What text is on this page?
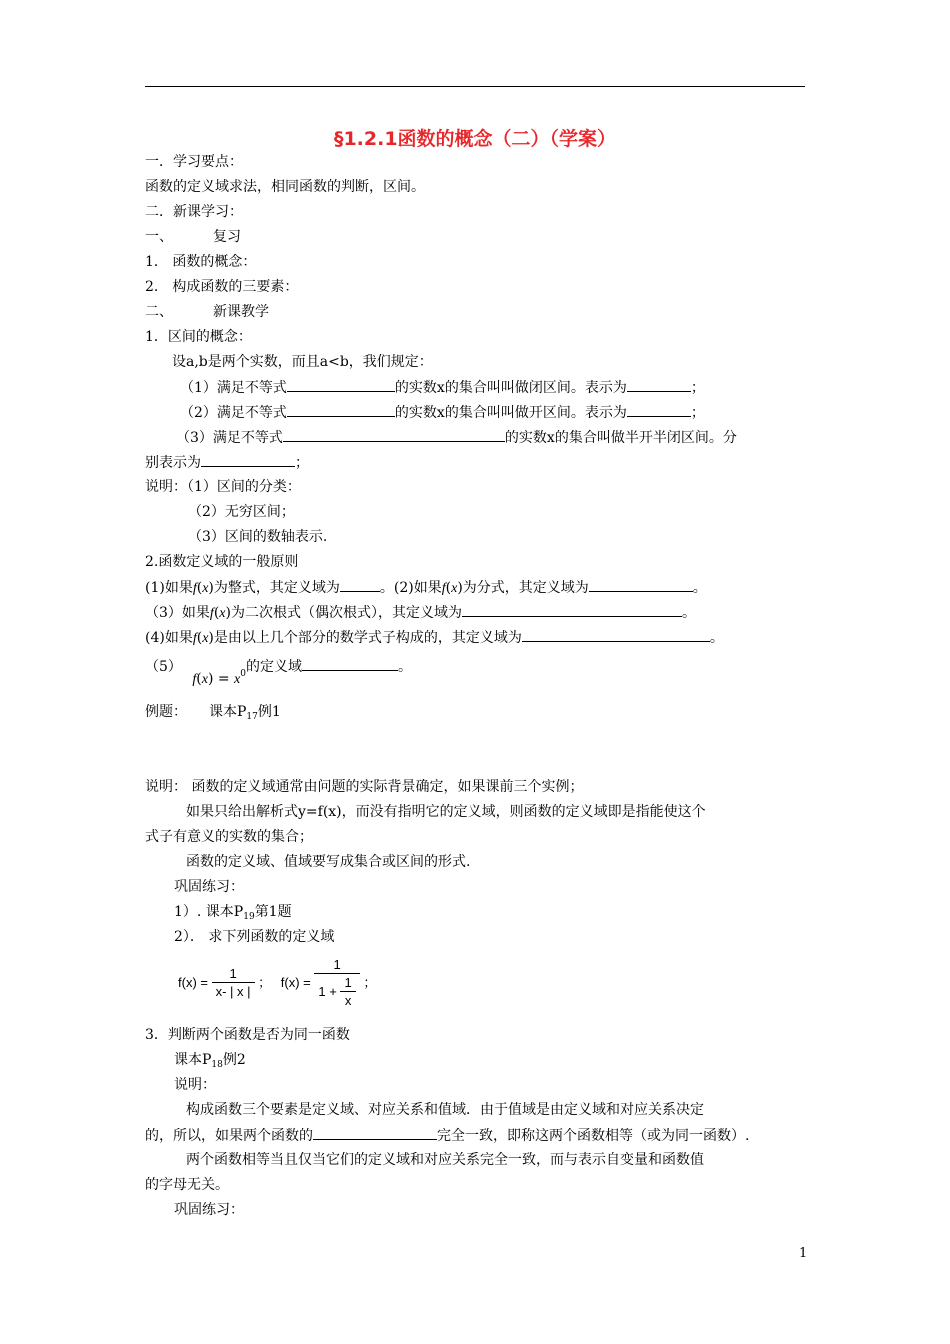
§1.2.1函数的概念（二）（学案）
一．学习要点：
函数的定义域求法，相同函数的判断，区间。
二．新课学习：
一、	复习
1． 函数的概念：
2． 构成函数的三要素：
二、	新课教学
1．区间的概念：
设a,b是两个实数，而且a<b，我们规定：
（1）满足不等式	的实数x的集合叫叫做闭区间。表示为	；
（2）满足不等式	的实数x的集合叫叫做开区间。表示为	；
（3）满足不等式	的实数x的集合叫做半开半闭区间。分
别表示为	；
说明：（1）区间的分类：
（2）无穷区间；
（3）区间的数轴表示.
2.函数定义域的一般原则
(1)如果f(x)为整式，其定义域为	。(2)如果f(x)为分式，其定义域为	。
（3）如果f(x)为二次根式（偶次根式），其定义域为	。
(4)如果f(x)是由以上几个部分的数学式子构成的，其定义域为	。
（5） $f(x) = x^0$的定义域	。
例题： 课本$P_{17}$例1
说明： 函数的定义域通常由问题的实际背景确定，如果课前三个实例；
如果只给出解析式y=f(x)，而没有指明它的定义域，则函数的定义域即是指能使这个
式子有意义的实数的集合；
函数的定义域、值域要写成集合或区间的形式.
巩固练习：
1）. 课本$P_{19}$第1题
2）． 求下列函数的定义域
$f(x) = \frac{1}{x- | x |}$ ； $f(x) = \frac{1}{1 + \frac{1}{x}}$ ；
3．判断两个函数是否为同一函数
课本$P_{18}$例2
说明：
构成函数三个要素是定义域、对应关系和值域．由于值域是由定义域和对应关系决定
的，所以，如果两个函数的	完全一致，即称这两个函数相等（或为同一函数）.
两个函数相等当且仅当它们的定义域和对应关系完全一致，而与表示自变量和函数值
的字母无关。
巩固练习：
1
